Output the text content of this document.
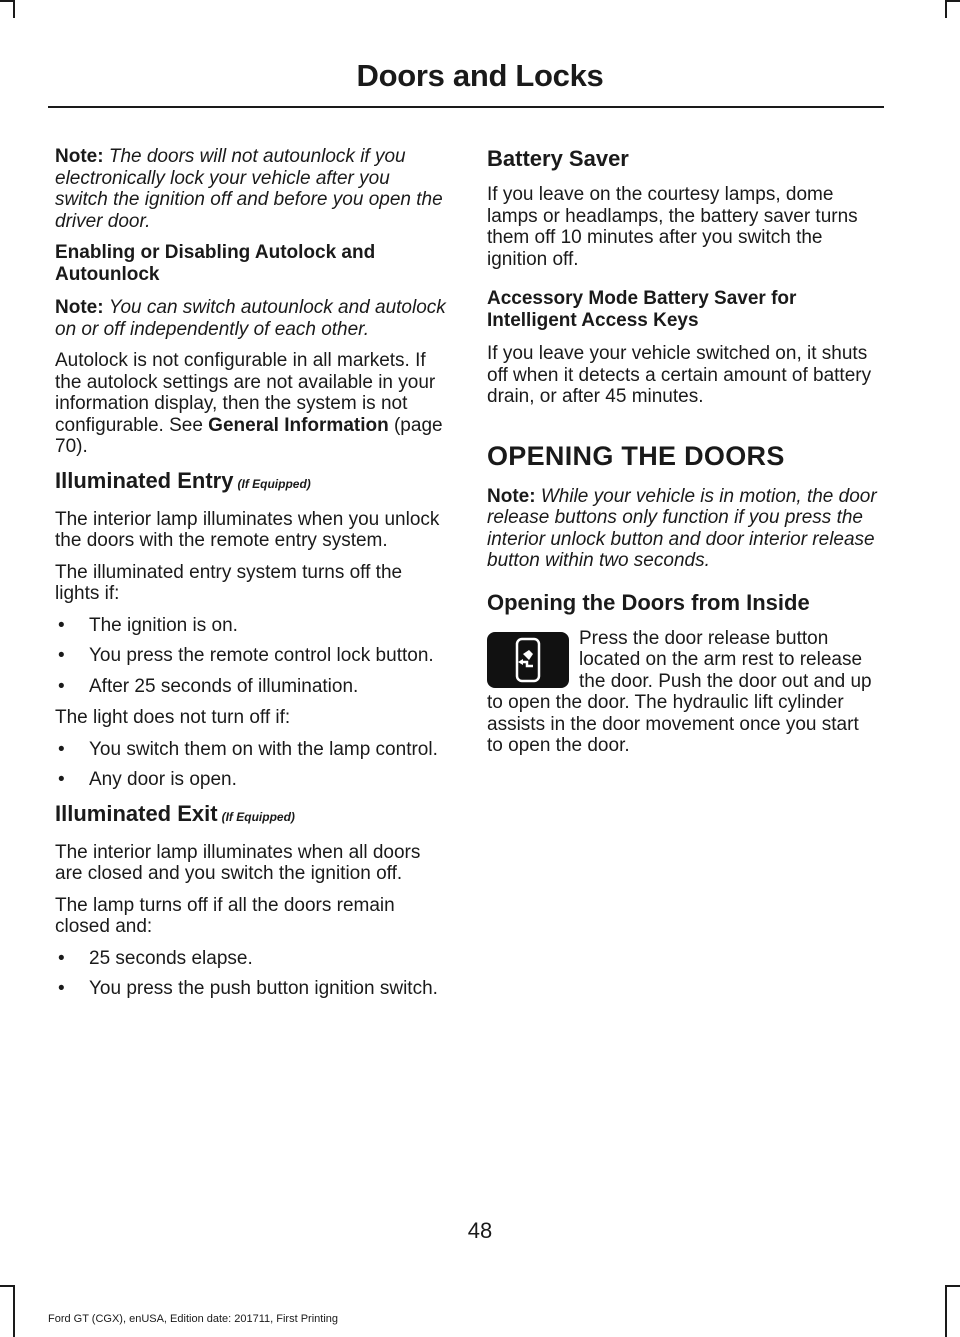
Doors and Locks

Note: The doors will not autounlock if you electronically lock your vehicle after you switch the ignition off and before you open the driver door.

Enabling or Disabling Autolock and Autounlock

Note: You can switch autounlock and autolock on or off independently of each other.

Autolock is not configurable in all markets. If the autolock settings are not available in your information display, then the system is not configurable. See General Information (page 70).

Illuminated Entry (If Equipped)

The interior lamp illuminates when you unlock the doors with the remote entry system.

The illuminated entry system turns off the lights if:

• The ignition is on.
• You press the remote control lock button.
• After 25 seconds of illumination.

The light does not turn off if:

• You switch them on with the lamp control.
• Any door is open.
Illuminated Exit (If Equipped)

The interior lamp illuminates when all doors are closed and you switch the ignition off.

The lamp turns off if all the doors remain closed and:

• 25 seconds elapse.
• You press the push button ignition switch.
Battery Saver

If you leave on the courtesy lamps, dome lamps or headlamps, the battery saver turns them off 10 minutes after you switch the ignition off.

Accessory Mode Battery Saver for Intelligent Access Keys

If you leave your vehicle switched on, it shuts off when it detects a certain amount of battery drain, or after 45 minutes.

OPENING THE DOORS

Note: While your vehicle is in motion, the door release buttons only function if you press the interior unlock button and door interior release button within two seconds.

Opening the Doors from Inside

Press the door release button located on the arm rest to release the door. Push the door out and up to open the door. The hydraulic lift cylinder assists in the door movement once you start to open the door.

48
Ford GT (CGX), enUSA, Edition date: 201711, First Printing
